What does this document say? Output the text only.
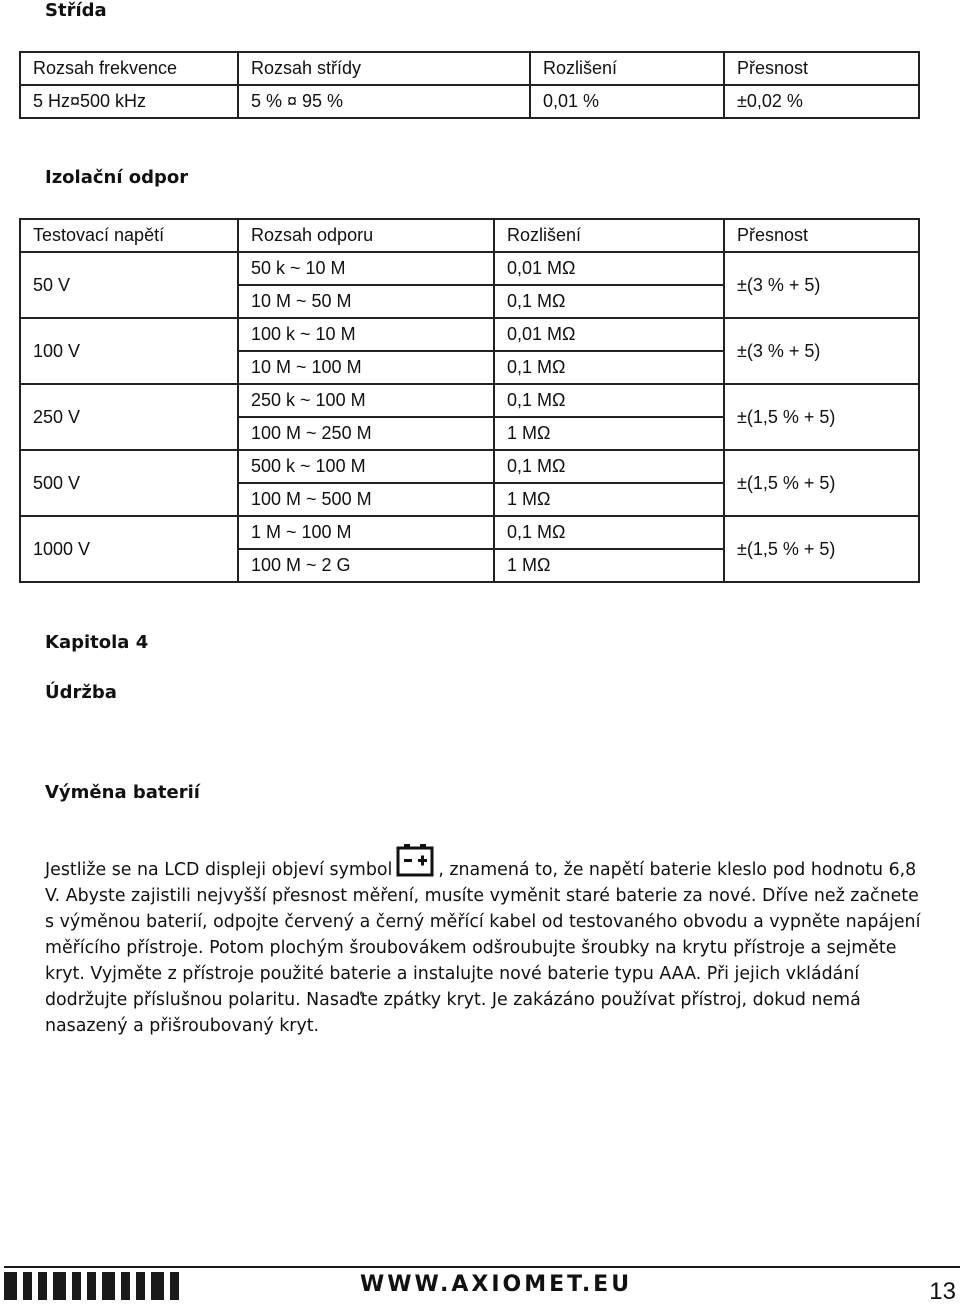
Střída
Rozsah frekvence	Rozsah střídy	Rozlišení	Přesnost
5 Hz¤500 kHz	5 % ¤ 95 %	0,01 %	±0,02 %
Izolační odpor
Testovací napětí	Rozsah odporu	Rozlišení	Přesnost
50 V	50 k ~ 10 M	0,01 MΩ	±(3 % + 5)
	10 M ~ 50 M	0,1 MΩ	
100 V	100 k ~ 10 M	0,01 MΩ	±(3 % + 5)
	10 M ~ 100 M	0,1 MΩ	
250 V	250 k ~ 100 M	0,1 MΩ	±(1,5 % + 5)
	100 M ~ 250 M	1 MΩ	
500 V	500 k ~ 100 M	0,1 MΩ	±(1,5 % + 5)
	100 M ~ 500 M	1 MΩ	
1000 V	1 M ~ 100 M	0,1 MΩ	±(1,5 % + 5)
	100 M ~ 2 G	1 MΩ	
Kapitola 4
Údržba
Výměna baterií
Jestliže se na LCD displeji objeví symbol	, znamená to, že napětí baterie kleslo pod hodnotu 6,8
V. Abyste zajistili nejvyšší přesnost měření, musíte vyměnit staré baterie za nové. Dříve než začnete
s výměnou baterií, odpojte červený a černý měřící kabel od testovaného obvodu a vypněte napájení
měřícího přístroje. Potom plochým šroubovákem odšroubujte šroubky na krytu přístroje a sejměte
kryt. Vyjměte z přístroje použité baterie a instalujte nové baterie typu AAA. Při jejich vkládání
dodržujte příslušnou polaritu. Nasaďte zpátky kryt. Je zakázáno používat přístroj, dokud nemá
nasazený a přišroubovaný kryt.
WWW.AXIOMET.EU	13
